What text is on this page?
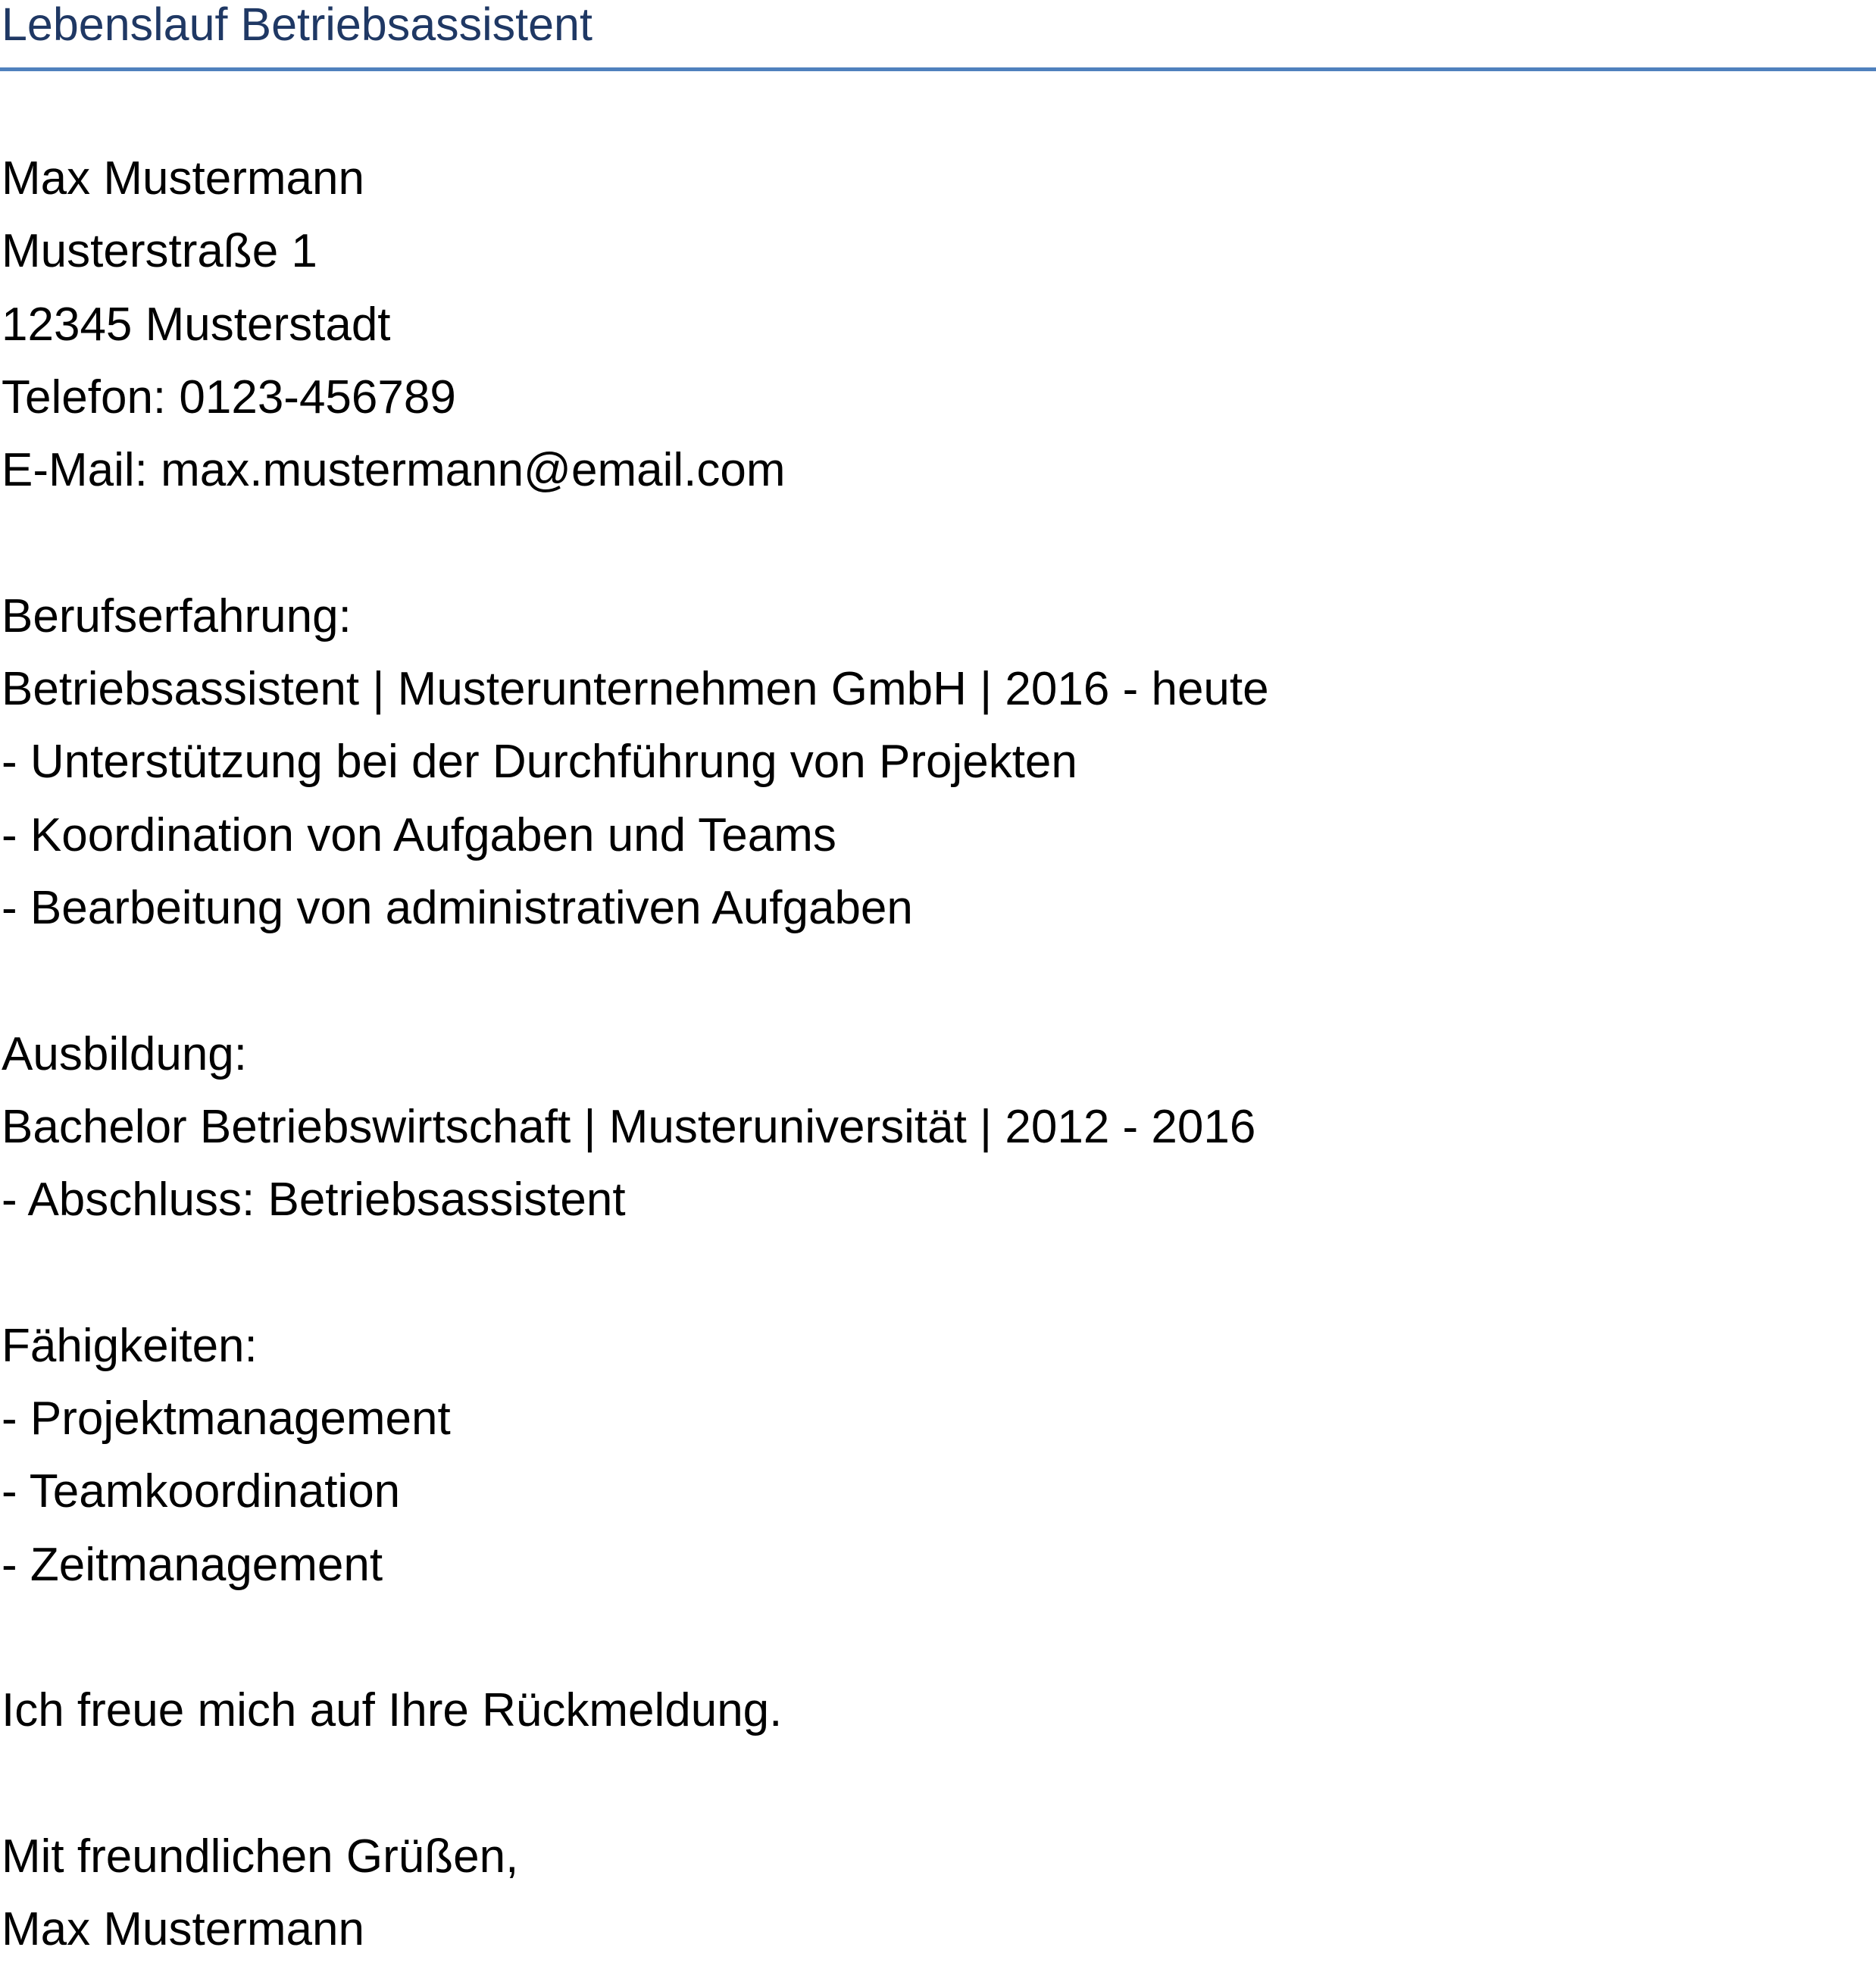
Lebenslauf Betriebsassistent

Max Mustermann

Musterstraße 1

12345 Musterstadt

Telefon: 0123-456789

E-Mail: max.mustermann@email.com

Berufserfahrung:

Betriebsassistent | Musterunternehmen GmbH | 2016 - heute

- Unterstützung bei der Durchführung von Projekten

- Koordination von Aufgaben und Teams

- Bearbeitung von administrativen Aufgaben

Ausbildung:

Bachelor Betriebswirtschaft | Musteruniversität | 2012 - 2016

- Abschluss: Betriebsassistent

Fähigkeiten:

- Projektmanagement

- Teamkoordination

- Zeitmanagement

Ich freue mich auf Ihre Rückmeldung.

Mit freundlichen Grüßen,

Max Mustermann
